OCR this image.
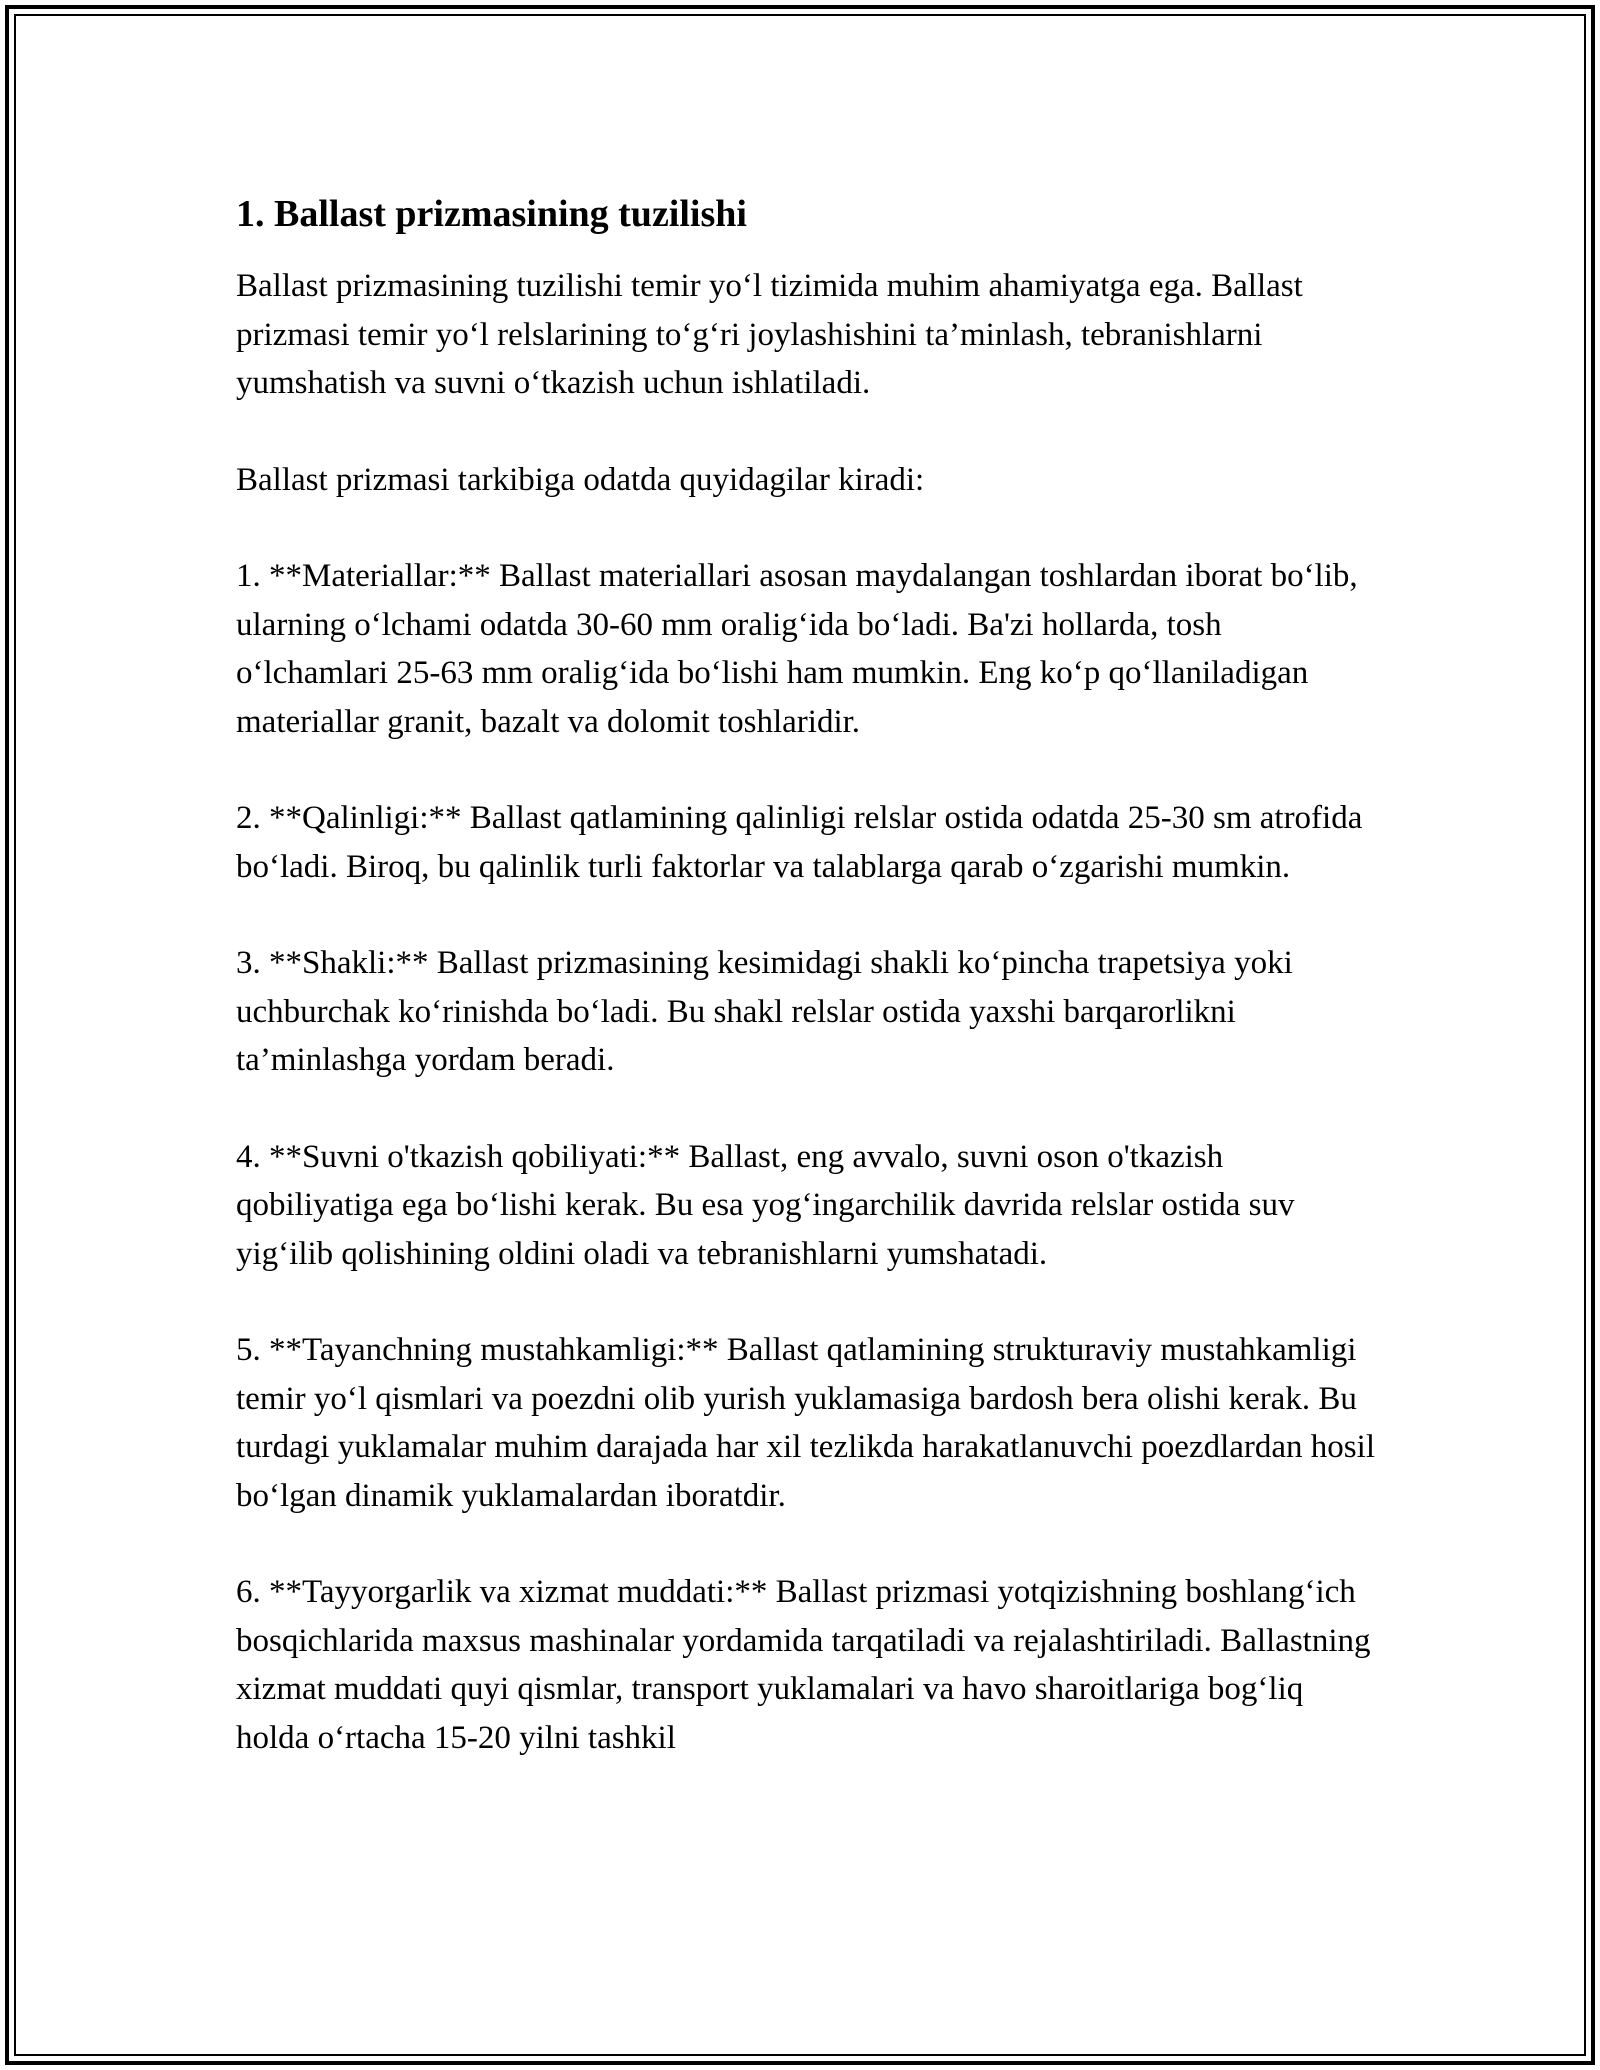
1. Ballast prizmasining tuzilishi

Ballast prizmasining tuzilishi temir yo‘l tizimida muhim ahamiyatga ega. Ballast prizmasi temir yo‘l relslarining to‘g‘ri joylashishini ta’minlash, tebranishlarni yumshatish va suvni o‘tkazish uchun ishlatiladi.

Ballast prizmasi tarkibiga odatda quyidagilar kiradi:

1. **Materiallar:** Ballast materiallari asosan maydalangan toshlardan iborat bo‘lib, ularning o‘lchami odatda 30-60 mm oralig‘ida bo‘ladi. Ba'zi hollarda, tosh o‘lchamlari 25-63 mm oralig‘ida bo‘lishi ham mumkin. Eng ko‘p qo‘llaniladigan materiallar granit, bazalt va dolomit toshlaridir.

2. **Qalinligi:** Ballast qatlamining qalinligi relslar ostida odatda 25-30 sm atrofida bo‘ladi. Biroq, bu qalinlik turli faktorlar va talablarga qarab o‘zgarishi mumkin.

3. **Shakli:** Ballast prizmasining kesimidagi shakli ko‘pincha trapetsiya yoki uchburchak ko‘rinishda bo‘ladi. Bu shakl relslar ostida yaxshi barqarorlikni ta’minlashga yordam beradi.

4. **Suvni o'tkazish qobiliyati:** Ballast, eng avvalo, suvni oson o'tkazish qobiliyatiga ega bo‘lishi kerak. Bu esa yog‘ingarchilik davrida relslar ostida suv yig‘ilib qolishining oldini oladi va tebranishlarni yumshatadi.

5. **Tayanchning mustahkamligi:** Ballast qatlamining strukturaviy mustahkamligi temir yo‘l qismlari va poezdni olib yurish yuklamasiga bardosh bera olishi kerak. Bu turdagi yuklamalar muhim darajada har xil tezlikda harakatlanuvchi poezdlardan hosil bo‘lgan dinamik yuklamalardan iboratdir.

6. **Tayyorgarlik va xizmat muddati:** Ballast prizmasi yotqizishning boshlang‘ich bosqichlarida maxsus mashinalar yordamida tarqatiladi va rejalashtiriladi. Ballastning xizmat muddati quyi qismlar, transport yuklamalari va havo sharoitlariga bog‘liq holda o‘rtacha 15-20 yilni tashkil
